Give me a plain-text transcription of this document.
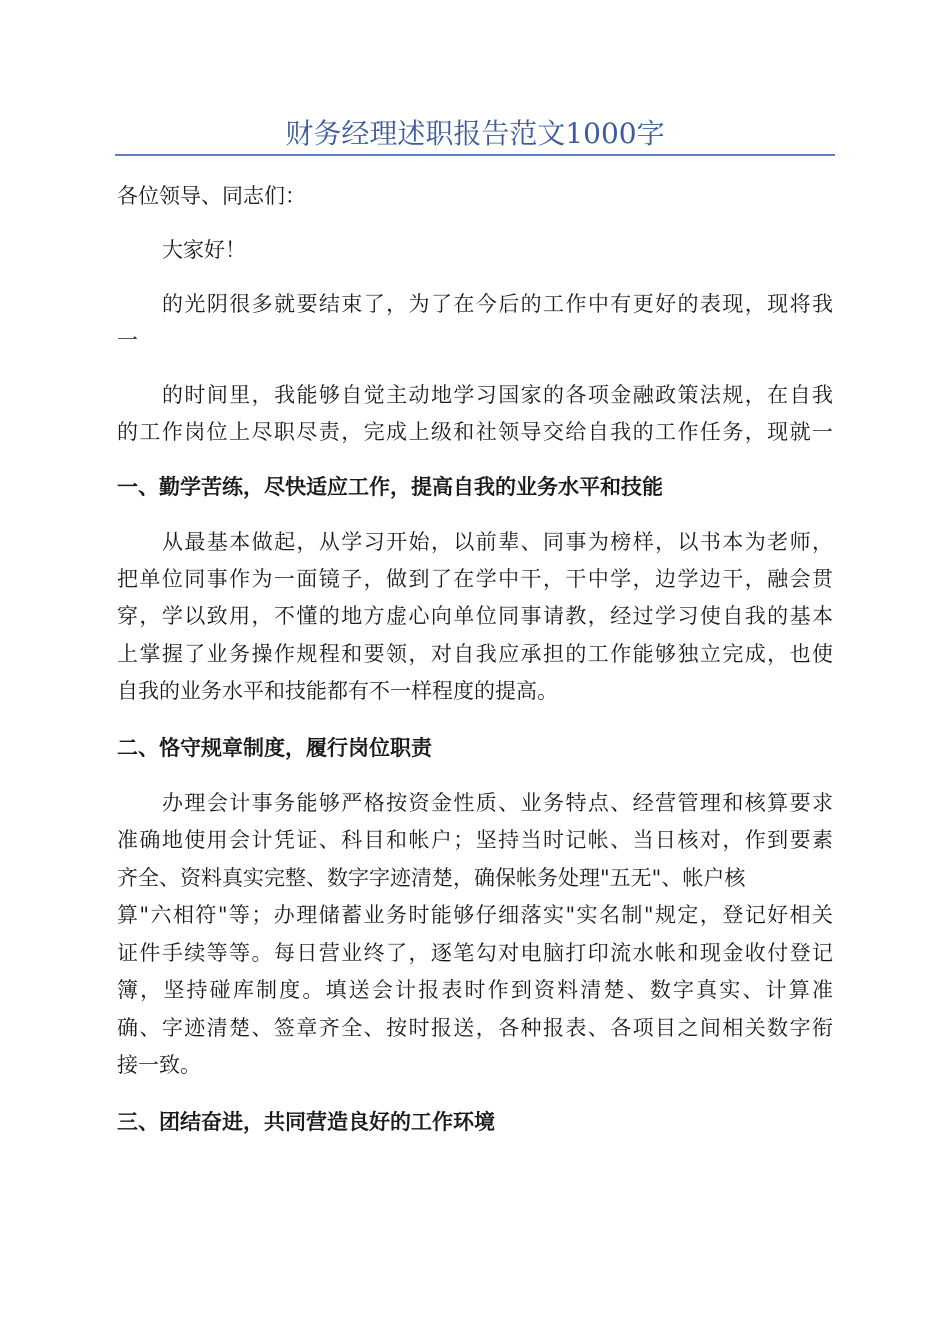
财务经理述职报告范文1000字
各位领导、同志们：
大家好！
的光阴很多就要结束了，为了在今后的工作中有更好的表现，现将我
一
的时间里，我能够自觉主动地学习国家的各项金融政策法规，在自我
的工作岗位上尽职尽责，完成上级和社领导交给自我的工作任务，现就一
一、勤学苦练，尽快适应工作，提高自我的业务水平和技能
从最基本做起，从学习开始，以前辈、同事为榜样，以书本为老师，
把单位同事作为一面镜子，做到了在学中干，干中学，边学边干，融会贯
穿，学以致用，不懂的地方虚心向单位同事请教，经过学习使自我的基本
上掌握了业务操作规程和要领，对自我应承担的工作能够独立完成，也使
自我的业务水平和技能都有不一样程度的提高。
二、恪守规章制度，履行岗位职责
办理会计事务能够严格按资金性质、业务特点、经营管理和核算要求
准确地使用会计凭证、科目和帐户；坚持当时记帐、当日核对，作到要素
齐全、资料真实完整、数字字迹清楚，确保帐务处理"五无"、帐户核
算"六相符"等；办理储蓄业务时能够仔细落实"实名制"规定，登记好相关
证件手续等等。每日营业终了，逐笔勾对电脑打印流水帐和现金收付登记
簿，坚持碰库制度。填送会计报表时作到资料清楚、数字真实、计算准
确、字迹清楚、签章齐全、按时报送，各种报表、各项目之间相关数字衔
接一致。
三、团结奋进，共同营造良好的工作环境
